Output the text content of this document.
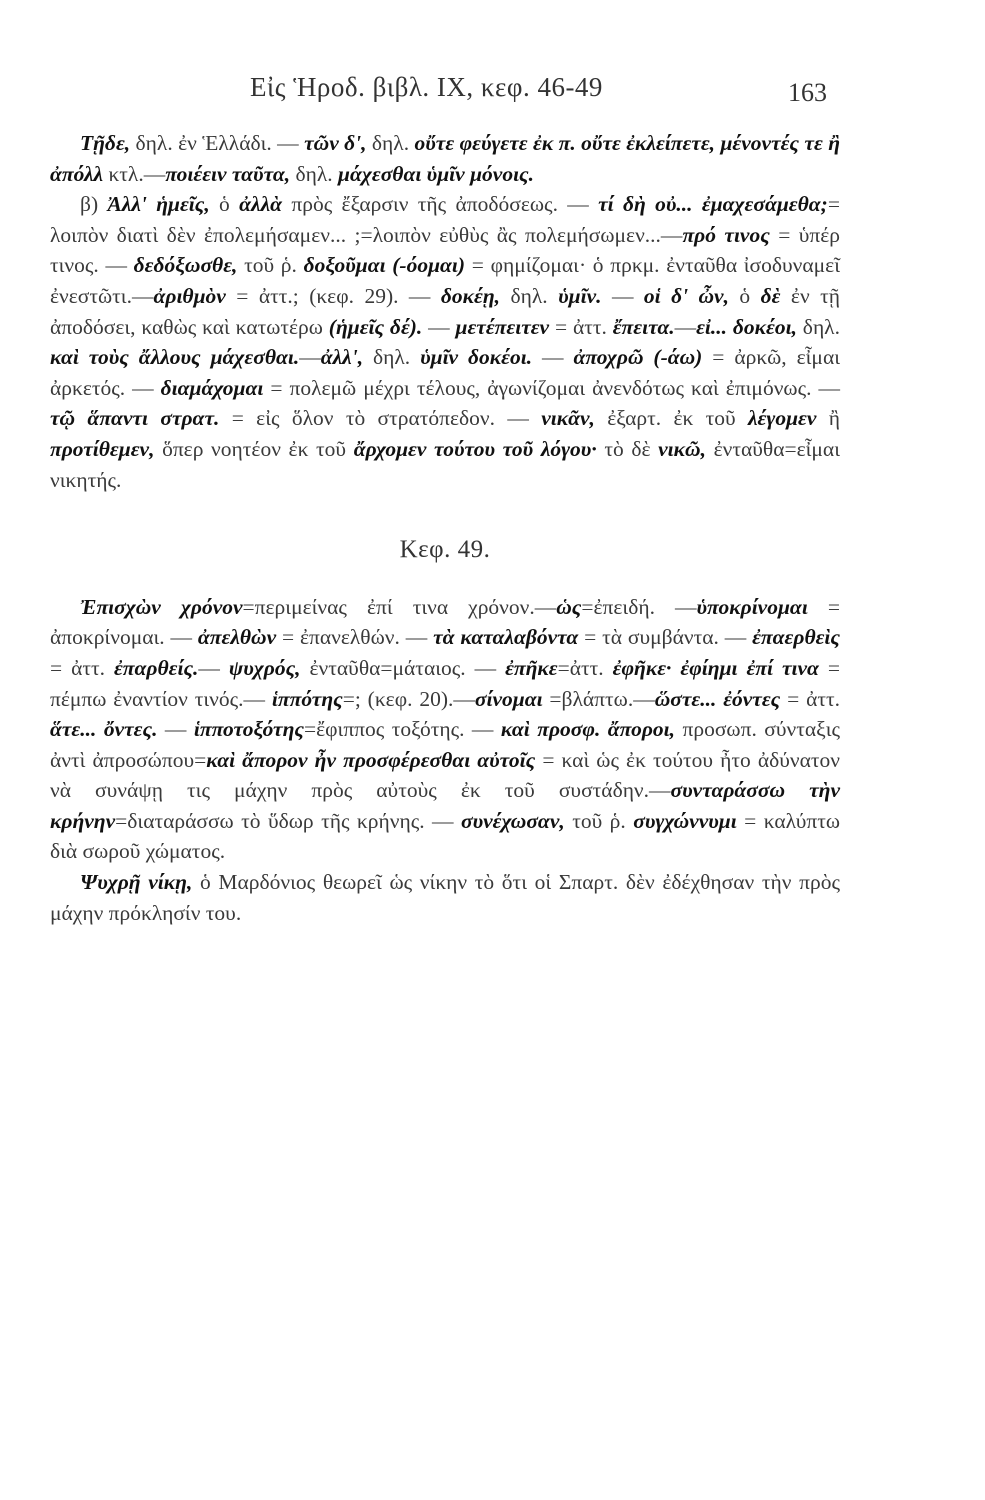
Εἰς Ἡροδ. βιβλ. IX, κεφ. 46-49	163

Τῇδε, δηλ. ἐν Ἑλλάδι. — τῶν δ', δηλ. οὔτε φεύγετε ἐκ π. οὔτε ἐκλείπετε, μένοντές τε ἢ ἀπόλλ κτλ.—ποιέειν ταῦτα, δηλ. μάχεσθαι ὑμῖν μόνοις.

β) Ἀλλ' ἡμεῖς, ὁ ἀλλὰ πρὸς ἔξαρσιν τῆς ἀποδόσεως. — τί δὴ οὐ... ἐμαχεσάμεθα;= λοιπὸν διατὶ δὲν ἐπολεμήσαμεν... ;=λοιπὸν εὐθὺς ἂς πολεμήσωμεν...—πρό τινος = ὑπέρ τινος. — δεδόξωσθε, τοῦ ῥ. δοξοῦμαι (-όομαι) = φημίζομαι· ὁ πρκμ. ἐνταῦθα ἰσοδυναμεῖ ἐνεστῶτι.—ἀριθμὸν = ἀττ.; (κεφ. 29). — δοκέῃ, δηλ. ὑμῖν. — οἱ δ' ὦν, ὁ δὲ ἐν τῇ ἀποδόσει, καθὼς καὶ κατωτέρω (ἡμεῖς δέ). — μετέπειτεν = ἀττ. ἔπειτα.—εἰ... δοκέοι, δηλ. καὶ τοὺς ἄλλους μάχεσθαι.—ἀλλ', δηλ. ὑμῖν δοκέοι. — ἀποχρῶ (-άω) = ἀρκῶ, εἶμαι ἀρκετός. — διαμάχομαι = πολεμῶ μέχρι τέλους, ἀγωνίζομαι ἀνενδότως καὶ ἐπιμόνως. — τῷ ἅπαντι στρατ. = εἰς ὅλον τὸ στρατόπεδον. — νικᾶν, ἐξαρτ. ἐκ τοῦ λέγομεν ἢ προτίθεμεν, ὅπερ νοητέον ἐκ τοῦ ἄρχομεν τούτου τοῦ λόγου· τὸ δὲ νικῶ, ἐνταῦθα=εἶμαι νικητής.

Κεφ. 49.

Ἐπισχὼν χρόνον=περιμείνας ἐπί τινα χρόνον.—ὡς=ἐπειδή. —ὑποκρίνομαι = ἀποκρίνομαι. — ἀπελθὼν = ἐπανελθών. — τὰ καταλαβόντα = τὰ συμβάντα. — ἐπαερθεὶς = ἀττ. ἐπαρθείς.— ψυχρός, ἐνταῦθα=μάταιος. — ἐπῆκε=ἀττ. ἐφῆκε· ἐφίημι ἐπί τινα = πέμπω ἐναντίον τινός.— ἱππότης=; (κεφ. 20).—σίνομαι =βλάπτω.—ὥστε... ἐόντες = ἀττ. ἅτε... ὄντες. — ἱπποτοξότης=ἔφιππος τοξότης. — καὶ προσφ. ἄποροι, προσωπ. σύνταξις ἀντὶ ἀπροσώπου=καὶ ἄπορον ἦν προσφέρεσθαι αὐτοῖς = καὶ ὡς ἐκ τούτου ἦτο ἀδύνατον νὰ συνάψῃ τις μάχην πρὸς αὐτοὺς ἐκ τοῦ συστάδην.—συνταράσσω τὴν κρήνην=διαταράσσω τὸ ὕδωρ τῆς κρήνης. — συνέχωσαν, τοῦ ῥ. συγχώννυμι = καλύπτω διὰ σωροῦ χώματος.

Ψυχρῇ νίκῃ, ὁ Μαρδόνιος θεωρεῖ ὡς νίκην τὸ ὅτι οἱ Σπαρτ. δὲν ἐδέχθησαν τὴν πρὸς μάχην πρόκλησίν του.
